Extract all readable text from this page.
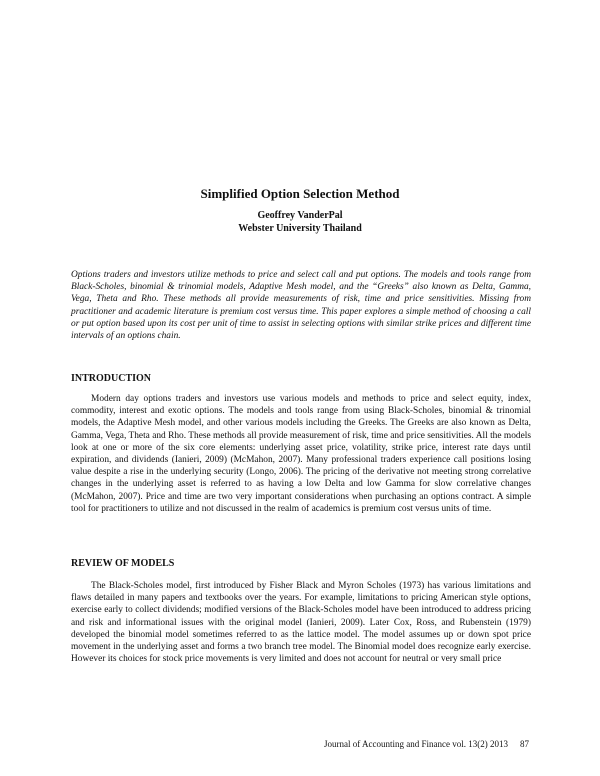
Simplified Option Selection Method
Geoffrey VanderPal
Webster University Thailand

Options traders and investors utilize methods to price and select call and put options. The models and tools range from Black-Scholes, binomial & trinomial models, Adaptive Mesh model, and the “Greeks” also known as Delta, Gamma, Vega, Theta and Rho. These methods all provide measurements of risk, time and price sensitivities. Missing from practitioner and academic literature is premium cost versus time. This paper explores a simple method of choosing a call or put option based upon its cost per unit of time to assist in selecting options with similar strike prices and different time intervals of an options chain.

INTRODUCTION

Modern day options traders and investors use various models and methods to price and select equity, index, commodity, interest and exotic options. The models and tools range from using Black-Scholes, binomial & trinomial models, the Adaptive Mesh model, and other various models including the Greeks. The Greeks are also known as Delta, Gamma, Vega, Theta and Rho. These methods all provide measurement of risk, time and price sensitivities. All the models look at one or more of the six core elements: underlying asset price, volatility, strike price, interest rate days until expiration, and dividends (Ianieri, 2009) (McMahon, 2007). Many professional traders experience call positions losing value despite a rise in the underlying security (Longo, 2006). The pricing of the derivative not meeting strong correlative changes in the underlying asset is referred to as having a low Delta and low Gamma for slow correlative changes (McMahon, 2007). Price and time are two very important considerations when purchasing an options contract. A simple tool for practitioners to utilize and not discussed in the realm of academics is premium cost versus units of time.

REVIEW OF MODELS

The Black-Scholes model, first introduced by Fisher Black and Myron Scholes (1973) has various limitations and flaws detailed in many papers and textbooks over the years. For example, limitations to pricing American style options, exercise early to collect dividends; modified versions of the Black-Scholes model have been introduced to address pricing and risk and informational issues with the original model (Ianieri, 2009). Later Cox, Ross, and Rubenstein (1979) developed the binomial model sometimes referred to as the lattice model. The model assumes up or down spot price movement in the underlying asset and forms a two branch tree model. The Binomial model does recognize early exercise. However its choices for stock price movements is very limited and does not account for neutral or very small price

Journal of Accounting and Finance vol. 13(2) 2013 87
